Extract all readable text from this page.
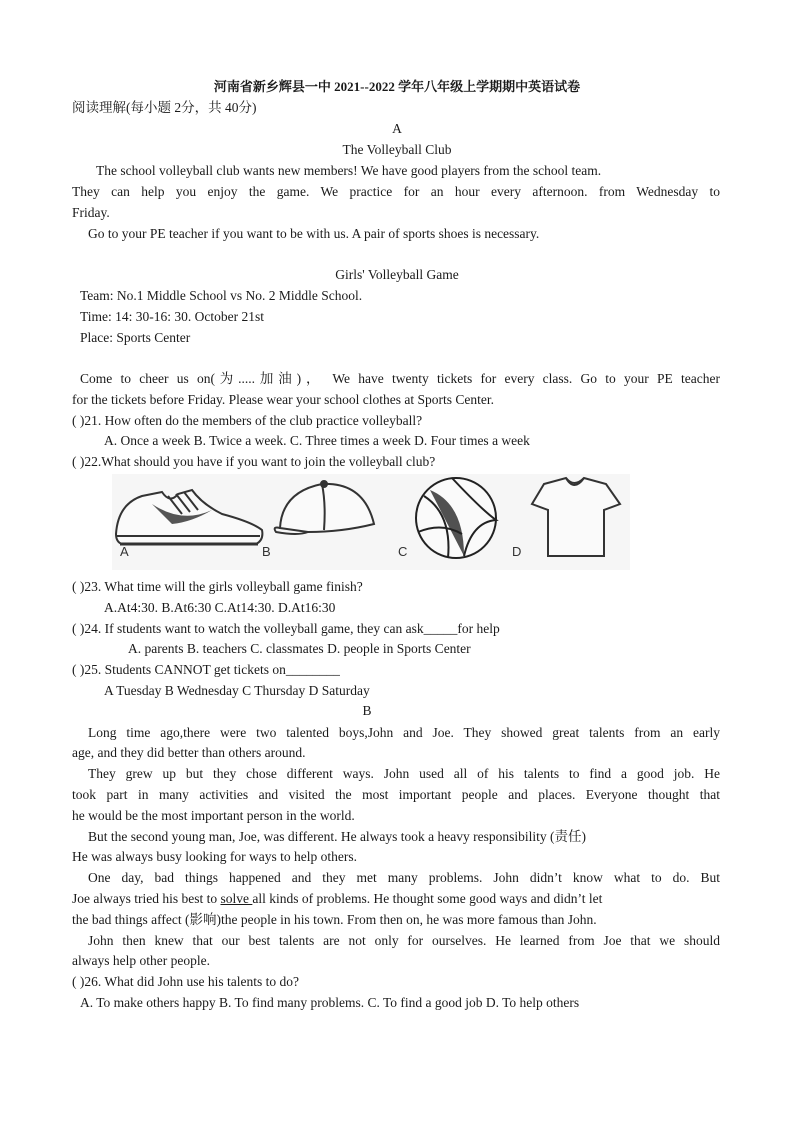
河南省新乡辉县一中 2021--2022 学年八年级上学期期中英语试卷
阅读理解(每小题 2分，共 40分)
A
The Volleyball Club
The school volleyball club wants new members! We have good players from the school team.
They can help you enjoy the game. We practice for an hour every afternoon. from Wednesday to
Friday.
Go to your PE teacher if you want to be with us. A pair of sports shoes is necessary.
Girls' Volleyball Game
Team: No.1 Middle School vs No. 2 Middle School.
Time: 14: 30-16: 30. October 21st
Place: Sports Center
Come to cheer us on(为.....加油)， We have twenty tickets for every class. Go to your PE teacher
for the tickets before Friday. Please wear your school clothes at Sports Center.
( )21. How often do the members of the club practice volleyball?
A. Once a week B. Twice a week. C. Three times a week D. Four times a week
( )22.What should you have if you want to join the volleyball club?
A	B	C	D
( )23. What time will the girls volleyball game finish?
A.At4:30. B.At6:30 C.At14:30. D.At16:30
( )24. If students want to watch the volleyball game, they can ask_____for help
A. parents B. teachers C. classmates D. people in Sports Center
( )25. Students CANNOT get tickets on________
A Tuesday B Wednesday C Thursday D Saturday
B
Long time ago,there were two talented boys,John and Joe. They showed great talents from an early
age, and they did better than others around.
They grew up but they chose different ways. John used all of his talents to find a good job. He
took part in many activities and visited the most important people and places. Everyone thought that
he would be the most important person in the world.
But the second young man, Joe, was different. He always took a heavy responsibility (责任)
He was always busy looking for ways to help others.
One day, bad things happened and they met many problems. John didn’t know what to do. But
Joe always tried his best to solve all kinds of problems. He thought some good ways and didn’t let
the bad things affect (影响)the people in his town. From then on, he was more famous than John.
John then knew that our best talents are not only for ourselves. He learned from Joe that we should
always help other people.
( )26. What did John use his talents to do?
A. To make others happy B. To find many problems. C. To find a good job D. To help others
